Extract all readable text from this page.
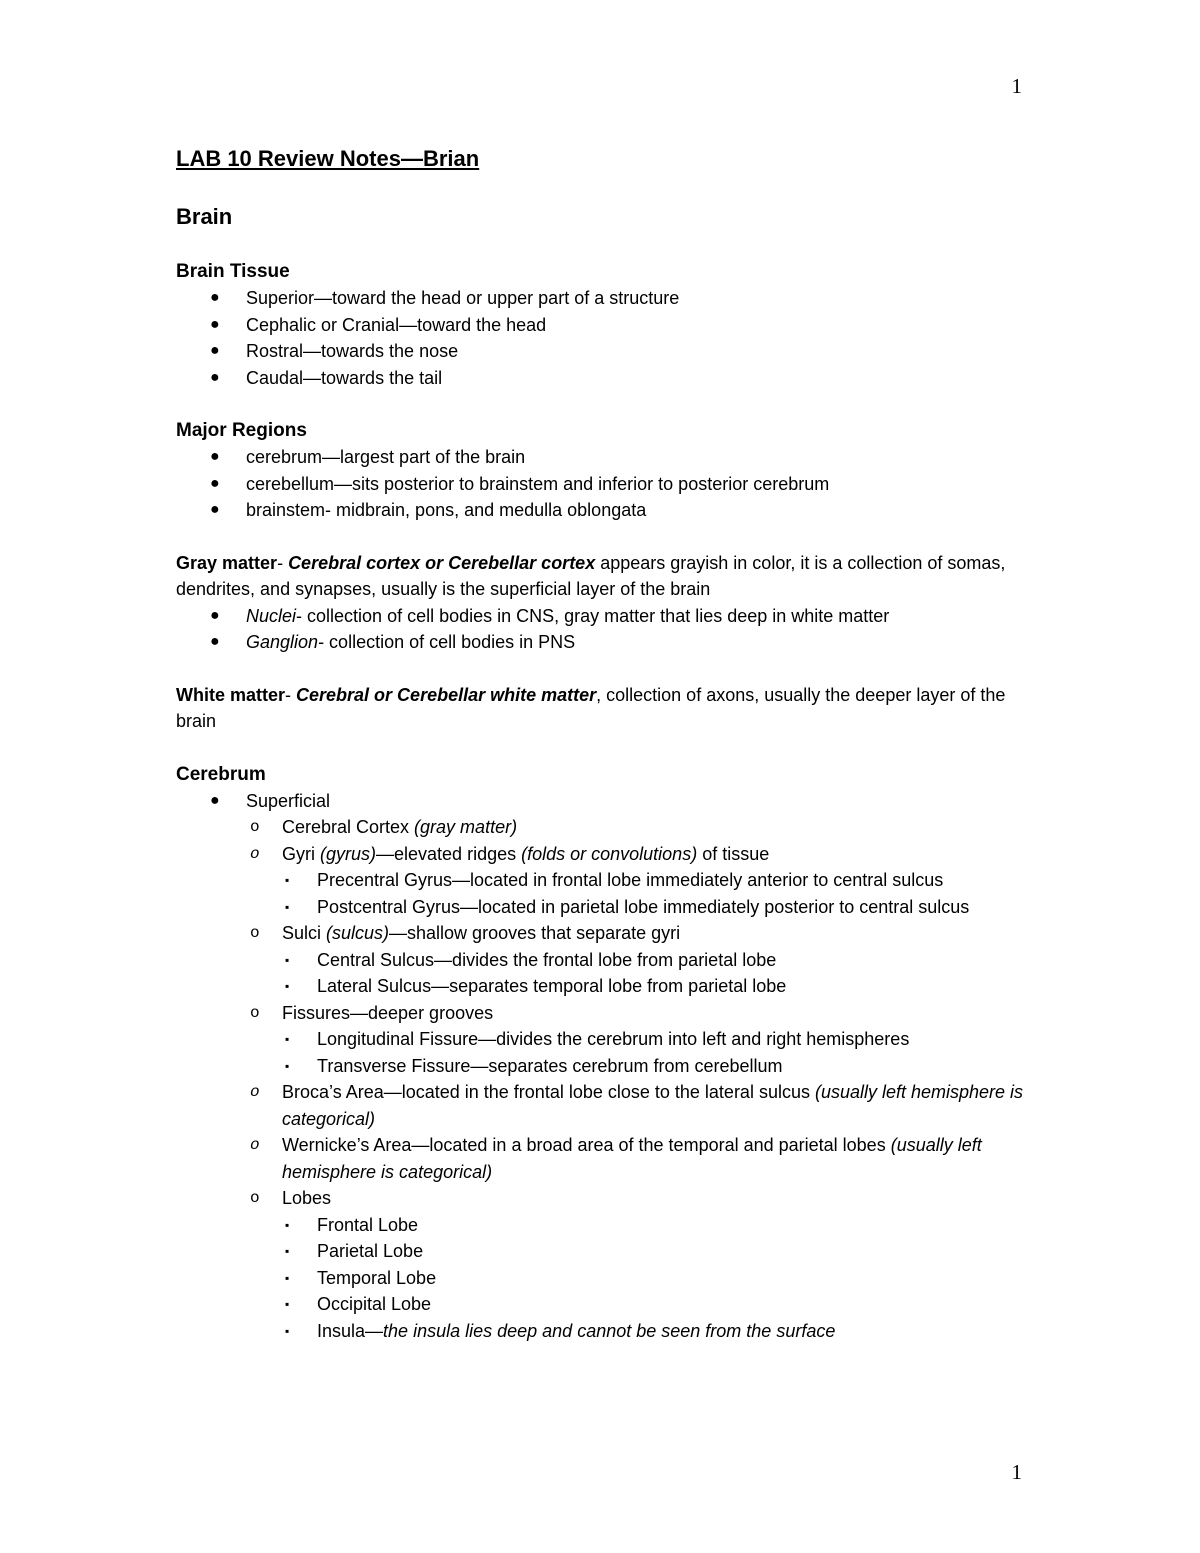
1
LAB 10 Review Notes—Brian
Brain
Brain Tissue
● Superior—toward the head or upper part of a structure
● Cephalic or Cranial—toward the head
● Rostral—towards the nose
● Caudal—towards the tail
Major Regions
● cerebrum—largest part of the brain
● cerebellum—sits posterior to brainstem and inferior to posterior cerebrum
● brainstem- midbrain, pons, and medulla oblongata

Gray matter- Cerebral cortex or Cerebellar cortex appears grayish in color, it is a collection of somas, dendrites, and synapses, usually is the superficial layer of the brain

● Nuclei- collection of cell bodies in CNS, gray matter that lies deep in white matter
● Ganglion- collection of cell bodies in PNS

White matter- Cerebral or Cerebellar white matter, collection of axons, usually the deeper layer of the brain

Cerebrum
● Superficial
o Cerebral Cortex (gray matter)
o Gyri (gyrus)—elevated ridges (folds or convolutions) of tissue
▪ Precentral Gyrus—located in frontal lobe immediately anterior to central sulcus
▪ Postcentral Gyrus—located in parietal lobe immediately posterior to central sulcus
o Sulci (sulcus)—shallow grooves that separate gyri
▪ Central Sulcus—divides the frontal lobe from parietal lobe
▪ Lateral Sulcus—separates temporal lobe from parietal lobe
o Fissures—deeper grooves
▪ Longitudinal Fissure—divides the cerebrum into left and right hemispheres
▪ Transverse Fissure—separates cerebrum from cerebellum
o Broca’s Area—located in the frontal lobe close to the lateral sulcus (usually left hemisphere is categorical)
o Wernicke’s Area—located in a broad area of the temporal and parietal lobes (usually left hemisphere is categorical)
o Lobes
▪ Frontal Lobe
▪ Parietal Lobe
▪ Temporal Lobe
▪ Occipital Lobe
▪ Insula—the insula lies deep and cannot be seen from the surface
1
